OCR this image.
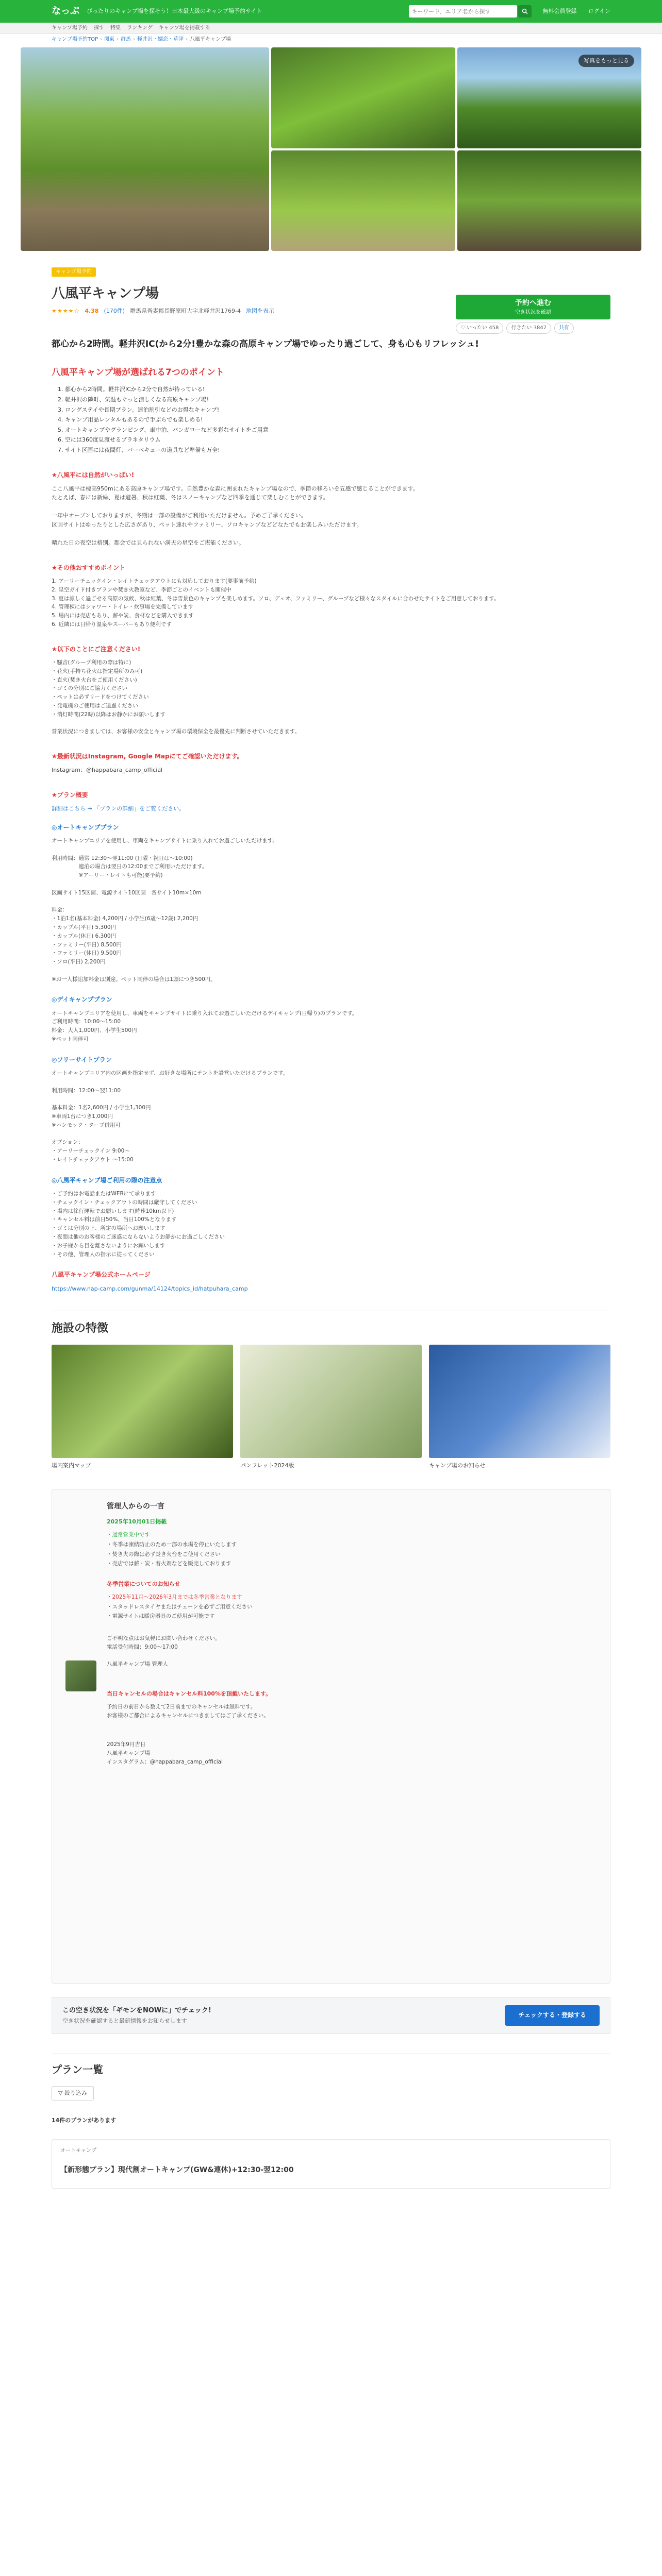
なっぷ ぴったりのキャンプ場を探そう！日本最大級のキャンプ場予約サイト
キーワード、エリア名から探す	無料会員登録 ログイン
キャンプ場予約 探す 特集 ランキング キャンプ場を掲載する
キャンプ場予約TOP › 関東 › 群馬 › 軽井沢・嬬恋・草津 › 八風平キャンプ場
写真をもっと見る
予約へ進む
空き状況を確認
♡ いったい 458	行きたい 3847	共有
キャンプ場予約
八風平キャンプ場
★★★★☆ 4.38 (170件) 群馬県吾妻郡長野原町大字北軽井沢1769-4 地図を表示
都心から2時間。軽井沢IC(から2分!豊かな森の高原キャンプ場でゆったり過ごして、身も心もリフレッシュ!
八風平キャンプ場が選ばれる7つのポイント
1. 都心から2時間。軽井沢ICから2分で自然が待っている!
2. 軽井沢の隣町、気温もぐっと涼しくなる高原キャンプ場!
3. ロングステイや長期プラン。連泊割引などのお得なキャンプ!
4. キャンプ用品レンタルもあるので手ぶらでも楽しめる!
5. オートキャンプやグランピング、車中泊、バンガローなど多彩なサイトをご用意
6. 空には360度見渡せるプラネタリウム
7. サイト区画には夜間灯、バーベキューの道具など準備も万全!
★八風平には自然がいっぱい!
ここ八風平は標高950mにある高原キャンプ場です。自然豊かな森に囲まれたキャンプ場なので、季節の移ろいを五感で感じることができます。
たとえば、春には新緑、夏は避暑、秋は紅葉、冬はスノーキャンプなど四季を通じて楽しむことができます。

一年中オープンしておりますが、冬期は一部の設備がご利用いただけません。予めご了承ください。
区画サイトはゆったりとした広さがあり、ペット連れやファミリー、ソロキャンプなどどなたでもお楽しみいただけます。

晴れた日の夜空は格別。都会では見られない満天の星空をご堪能ください。
★その他おすすめポイント
1. アーリーチェックイン・レイトチェックアウトにも対応しております(要事前予約)
2. 星空ガイド付きプランや焚き火教室など、季節ごとのイベントも開催中
3. 夏は涼しく過ごせる高原の気候、秋は紅葉、冬は雪景色のキャンプも楽しめます。ソロ、デュオ、ファミリー、グループなど様々なスタイルに合わせたサイトをご用意しております。
4. 管理棟にはシャワー・トイレ・炊事場を完備しています
5. 場内には売店もあり、薪や炭、食材などを購入できます
6. 近隣には日帰り温泉やスーパーもあり便利です
★以下のことにご注意ください!
・騒音(グループ利用の際は特に)
・花火(手持ち花火は指定場所のみ可)
・直火(焚き火台をご使用ください)
・ゴミの分別にご協力ください
・ペットは必ずリードをつけてください
・発電機のご使用はご遠慮ください
・消灯時間(22時)以降はお静かにお願いします

営業状況につきましては、お客様の安全とキャンプ場の環境保全を最優先に判断させていただきます。
★最新状況はInstagram, Google Mapにてご確認いただけます。
Instagram：@happabara_camp_official
★プラン概要
詳細はこちら → 「プランの詳細」をご覧ください。
◎オートキャンププラン
オートキャンプエリアを使用し、車両をキャンプサイトに乗り入れてお過ごしいただけます。

利用時間：通常 12:30〜翌11:00 (日曜・祝日は〜10:00)
　　　　　連泊の場合は翌日の12:00までご利用いただけます。
　　　　　※アーリー・レイトも可能(要予約)

区画サイト15区画、電源サイト10区画　各サイト10m×10m

料金：
・1泊1名(基本料金) 4,200円 / 小学生(6歳〜12歳) 2,200円
・カップル(平日) 5,300円
・カップル(休日) 6,300円
・ファミリー(平日) 8,500円
・ファミリー(休日) 9,500円
・ソロ(平日) 2,200円

※お一人様追加料金は別途。ペット同伴の場合は1頭につき500円。
◎デイキャンププラン
オートキャンプエリアを使用し、車両をキャンプサイトに乗り入れてお過ごしいただけるデイキャンプ(日帰り)のプランです。
ご利用時間：10:00〜15:00
料金：大人1,000円、小学生500円
※ペット同伴可
◎フリーサイトプラン
オートキャンプエリア内の区画を指定せず、お好きな場所にテントを設営いただけるプランです。

利用時間：12:00〜翌11:00

基本料金：1名2,600円 / 小学生1,300円
※車両1台につき1,000円
※ハンモック・タープ併用可

オプション：
・アーリーチェックイン 9:00〜
・レイトチェックアウト 〜15:00
◎八風平キャンプ場ご利用の際の注意点
・ご予約はお電話またはWEBにて承ります
・チェックイン・チェックアウトの時間は厳守してください
・場内は徐行運転でお願いします(時速10km以下)
・キャンセル料は前日50%、当日100%となります
・ゴミは分別の上、所定の場所へお願いします
・夜間は他のお客様のご迷惑にならないようお静かにお過ごしください
・お子様から目を離さないようにお願いします
・その他、管理人の指示に従ってください
八風平キャンプ場公式ホームページ
https://www.nap-camp.com/gunma/14124/topics_id/hatpuhara_camp
施設の特徴
場内案内マップ	パンフレット2024版	キャンプ場のお知らせ
管理人からの一言
2025年10月01日掲載
・通常営業中です
・冬季は凍結防止のため一部の水場を停止いたします
・焚き火の際は必ず焚き火台をご使用ください
・売店では薪・炭・着火剤などを販売しております
冬季営業についてのお知らせ
・2025年11月〜2026年3月までは冬季営業となります
・スタッドレスタイヤまたはチェーンを必ずご用意ください
・電源サイトは暖房器具のご使用が可能です
ご不明な点はお気軽にお問い合わせください。
電話受付時間：9:00〜17:00

八風平キャンプ場 管理人
当日キャンセルの場合はキャンセル料100%を頂戴いたします。
予約日の前日から数えて2日前までのキャンセルは無料です。
お客様のご都合によるキャンセルにつきましてはご了承ください。
2025年9月吉日
八風平キャンプ場
インスタグラム：@happabara_camp_official
この空き状況を「ギモンをNOWに」でチェック!
空き状況を確認すると最新情報をお知らせします
チェックする・登録する
プラン一覧
▽ 絞り込み
14件のプランがあります
オートキャンプ
【新形態プラン】現代割オートキャンプ(GW&連休)+12:30-翌12:00
